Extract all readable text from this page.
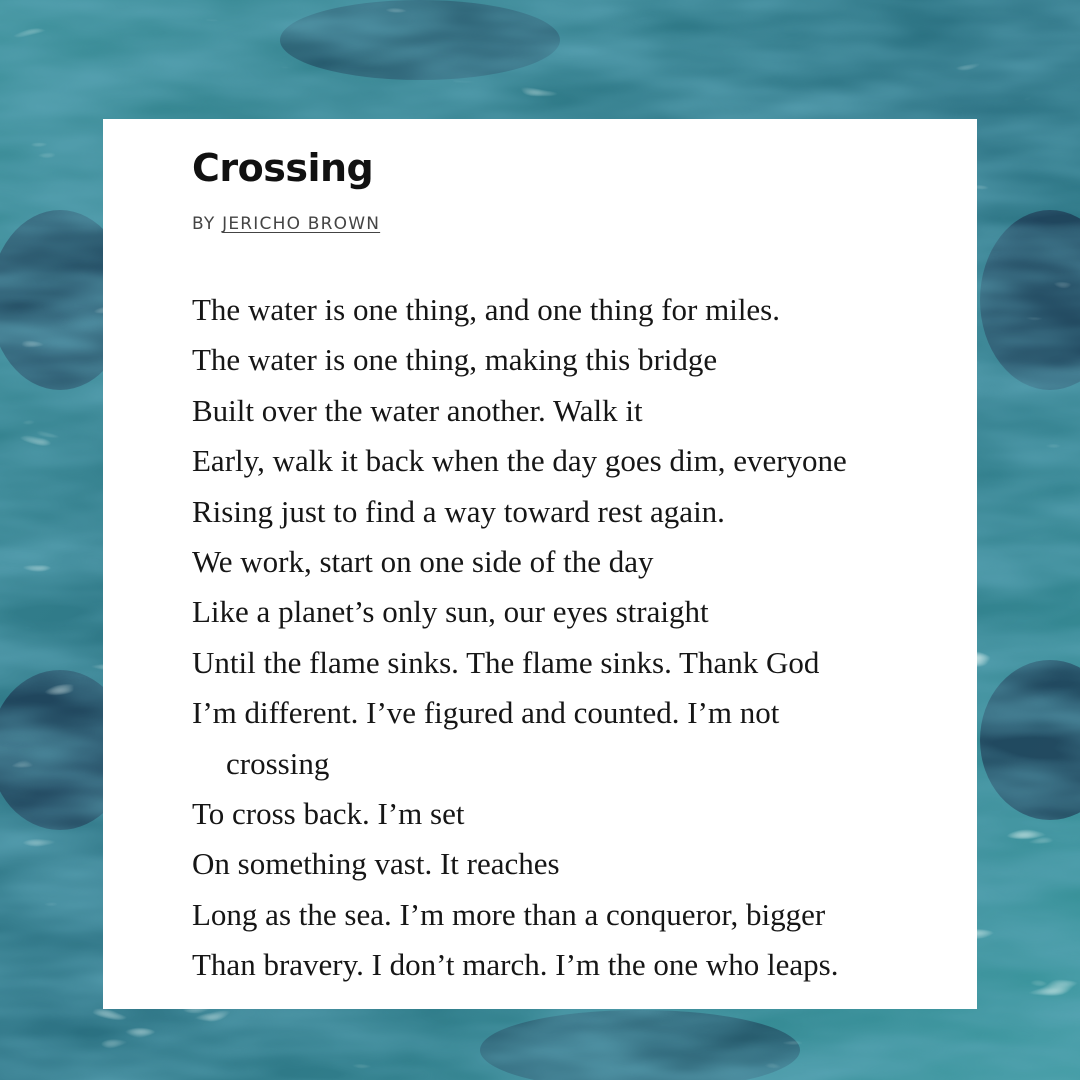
Crossing
BY JERICHO BROWN
The water is one thing, and one thing for miles.
The water is one thing, making this bridge
Built over the water another. Walk it
Early, walk it back when the day goes dim, everyone
Rising just to find a way toward rest again.
We work, start on one side of the day
Like a planet’s only sun, our eyes straight
Until the flame sinks. The flame sinks. Thank God
I’m different. I’ve figured and counted. I’m not
crossing
To cross back. I’m set
On something vast. It reaches
Long as the sea. I’m more than a conqueror, bigger
Than bravery. I don’t march. I’m the one who leaps.
